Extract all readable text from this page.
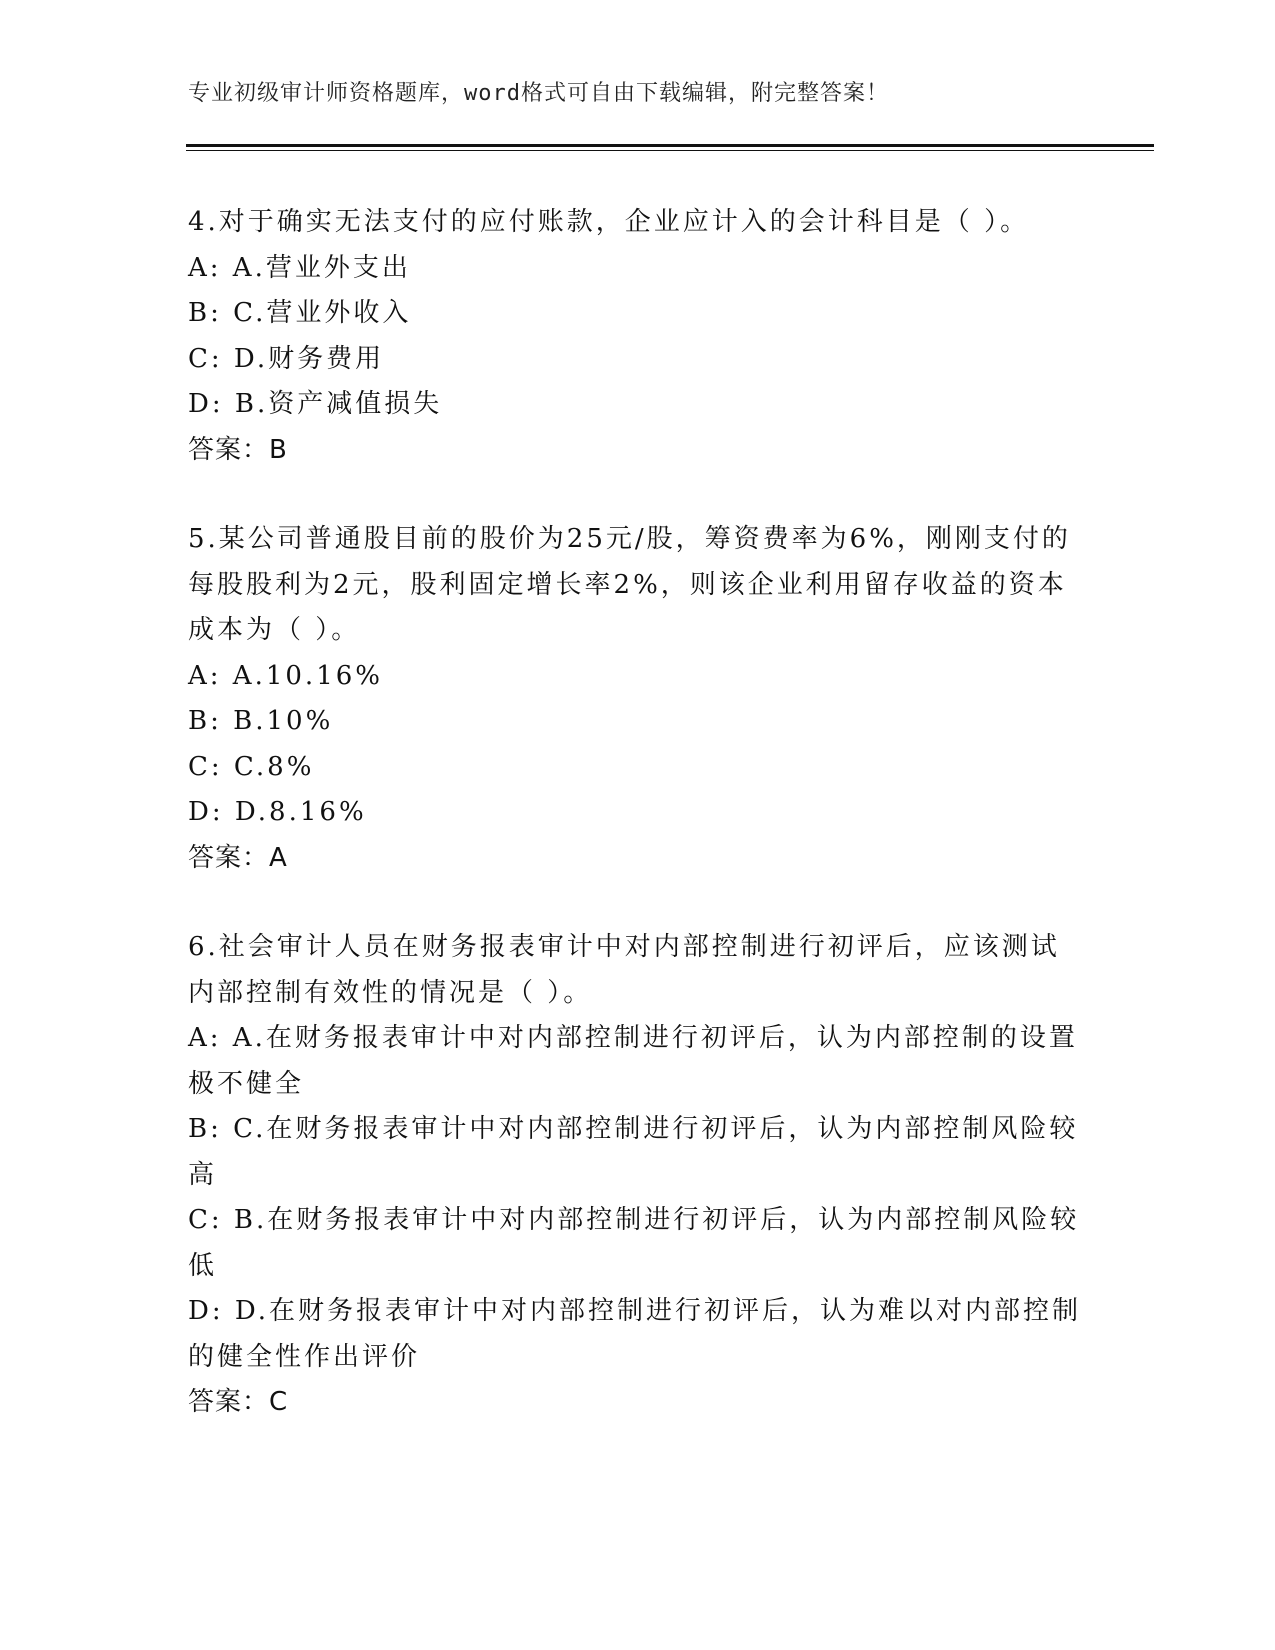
专业初级审计师资格题库，word格式可自由下载编辑，附完整答案！
4.对于确实无法支付的应付账款，企业应计入的会计科目是（ ）。
A: A.营业外支出
B: C.营业外收入
C: D.财务费用
D: B.资产减值损失
答案：B
5.某公司普通股目前的股价为25元/股，筹资费率为6%，刚刚支付的
每股股利为2元，股利固定增长率2%，则该企业利用留存收益的资本
成本为（ ）。
A: A.10.16%
B: B.10%
C: C.8%
D: D.8.16%
答案：A
6.社会审计人员在财务报表审计中对内部控制进行初评后，应该测试
内部控制有效性的情况是（ ）。
A: A.在财务报表审计中对内部控制进行初评后，认为内部控制的设置
极不健全
B: C.在财务报表审计中对内部控制进行初评后，认为内部控制风险较
高
C: B.在财务报表审计中对内部控制进行初评后，认为内部控制风险较
低
D: D.在财务报表审计中对内部控制进行初评后，认为难以对内部控制
的健全性作出评价
答案：C
